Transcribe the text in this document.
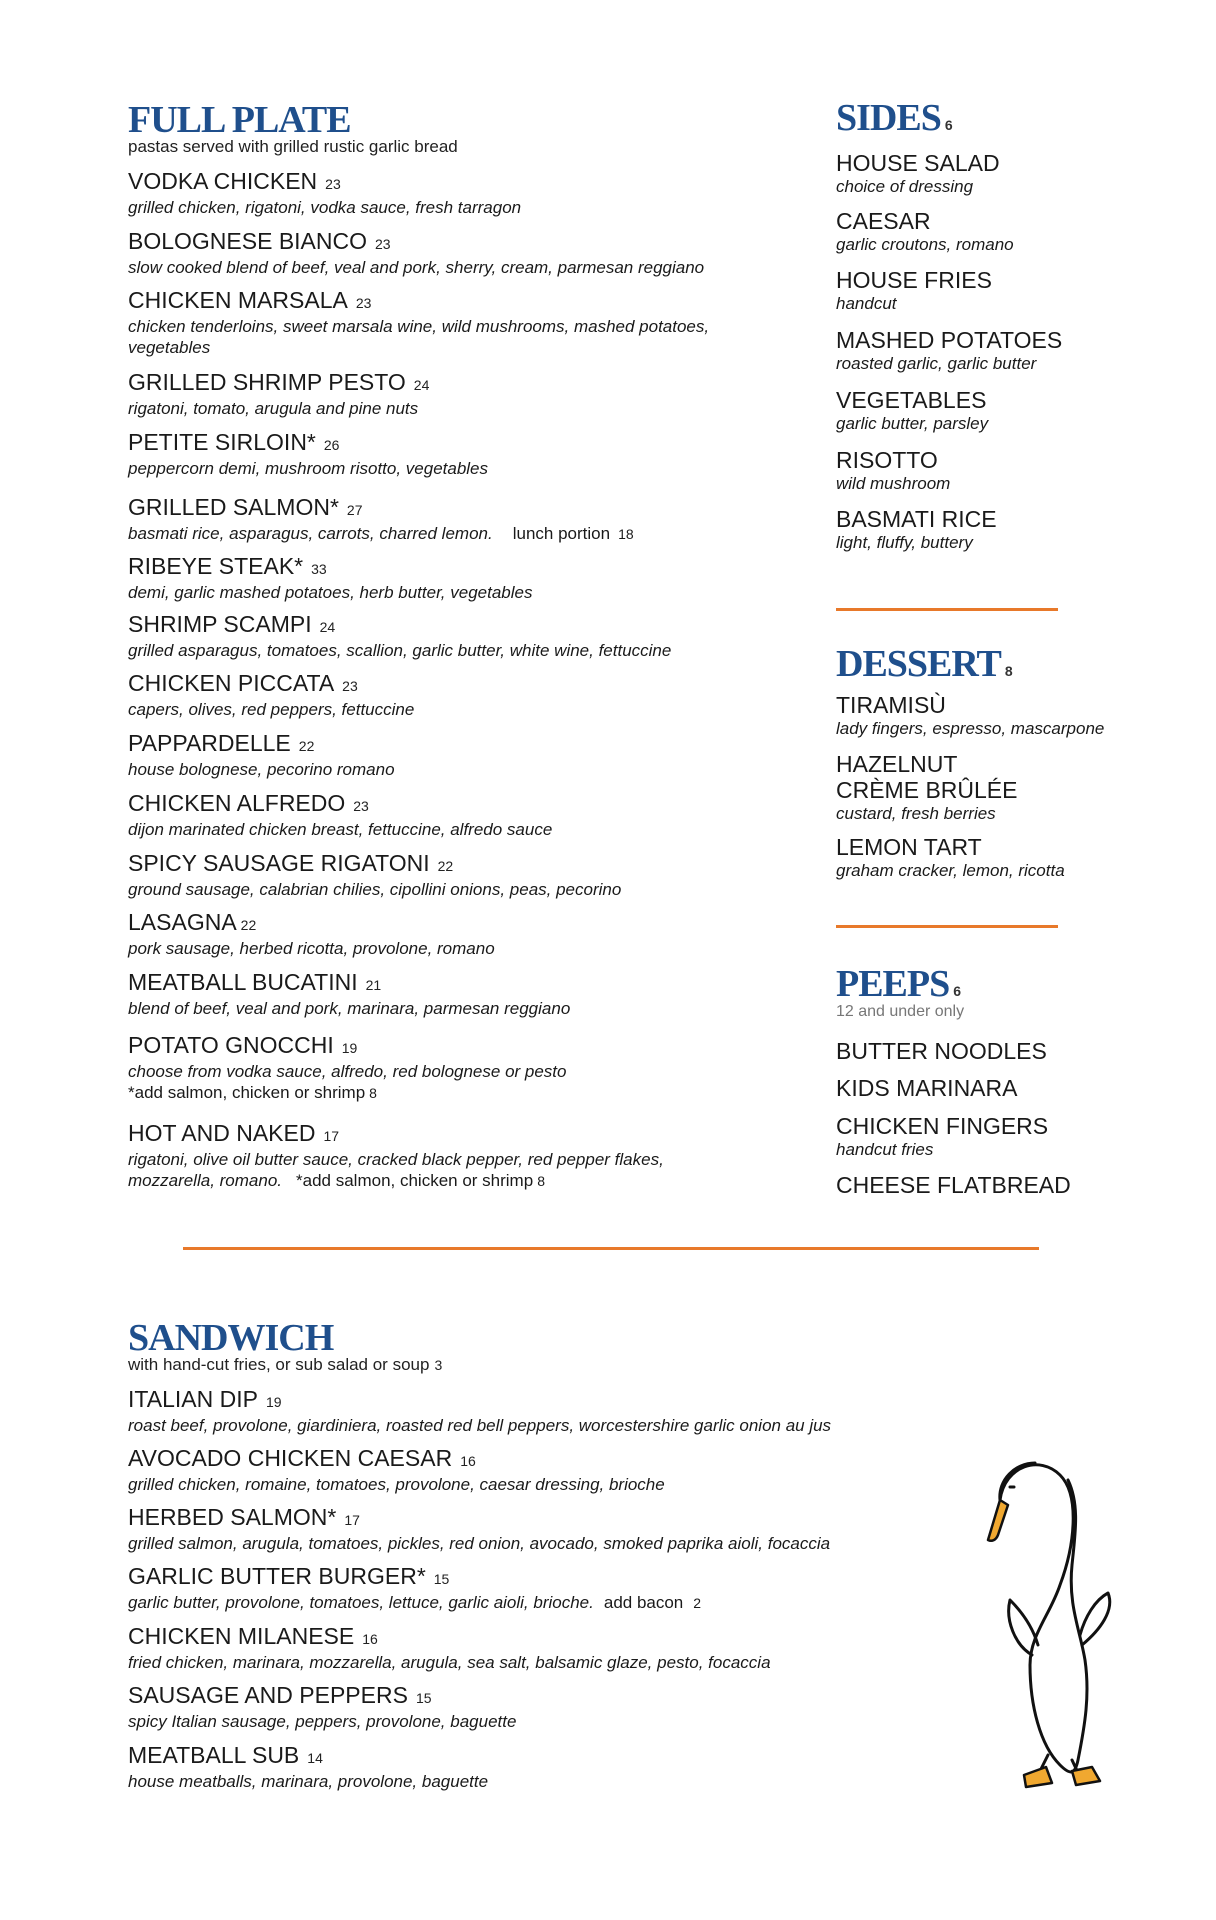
FULL PLATE
pastas served with grilled rustic garlic bread
VODKA CHICKEN 23
grilled chicken, rigatoni, vodka sauce, fresh tarragon
BOLOGNESE BIANCO 23
slow cooked blend of beef, veal and pork, sherry, cream, parmesan reggiano
CHICKEN MARSALA 23
chicken tenderloins, sweet marsala wine, wild mushrooms, mashed potatoes, vegetables
GRILLED SHRIMP PESTO 24
rigatoni, tomato, arugula and pine nuts
PETITE SIRLOIN* 26
peppercorn demi, mushroom risotto, vegetables
GRILLED SALMON* 27
basmati rice, asparagus, carrots, charred lemon. lunch portion 18
RIBEYE STEAK* 33
demi, garlic mashed potatoes, herb butter, vegetables
SHRIMP SCAMPI 24
grilled asparagus, tomatoes, scallion, garlic butter, white wine, fettuccine
CHICKEN PICCATA 23
capers, olives, red peppers, fettuccine
PAPPARDELLE 22
house bolognese, pecorino romano
CHICKEN ALFREDO 23
dijon marinated chicken breast, fettuccine, alfredo sauce
SPICY SAUSAGE RIGATONI 22
ground sausage, calabrian chilies, cipollini onions, peas, pecorino
LASAGNA 22
pork sausage, herbed ricotta, provolone, romano
MEATBALL BUCATINI 21
blend of beef, veal and pork, marinara, parmesan reggiano
POTATO GNOCCHI 19
choose from vodka sauce, alfredo, red bolognese or pesto
*add salmon, chicken or shrimp 8
HOT AND NAKED 17
rigatoni, olive oil butter sauce, cracked black pepper, red pepper flakes,
mozzarella, romano. *add salmon, chicken or shrimp 8
SIDES 6
HOUSE SALAD
choice of dressing
CAESAR
garlic croutons, romano
HOUSE FRIES
handcut
MASHED POTATOES
roasted garlic, garlic butter
VEGETABLES
garlic butter, parsley
RISOTTO
wild mushroom
BASMATI RICE
light, fluffy, buttery
DESSERT 8
TIRAMISÙ
lady fingers, espresso, mascarpone
HAZELNUT
CRÈME BRÛLÉE
custard, fresh berries
LEMON TART
graham cracker, lemon, ricotta
PEEPS 6
12 and under only
BUTTER NOODLES
KIDS MARINARA
CHICKEN FINGERS
handcut fries
CHEESE FLATBREAD
SANDWICH
with hand-cut fries, or sub salad or soup 3
ITALIAN DIP 19
roast beef, provolone, giardiniera, roasted red bell peppers, worcestershire garlic onion au jus
AVOCADO CHICKEN CAESAR 16
grilled chicken, romaine, tomatoes, provolone, caesar dressing, brioche
HERBED SALMON* 17
grilled salmon, arugula, tomatoes, pickles, red onion, avocado, smoked paprika aioli, focaccia
GARLIC BUTTER BURGER* 15
garlic butter, provolone, tomatoes, lettuce, garlic aioli, brioche. add bacon 2
CHICKEN MILANESE 16
fried chicken, marinara, mozzarella, arugula, sea salt, balsamic glaze, pesto, focaccia
SAUSAGE AND PEPPERS 15
spicy Italian sausage, peppers, provolone, baguette
MEATBALL SUB 14
house meatballs, marinara, provolone, baguette
